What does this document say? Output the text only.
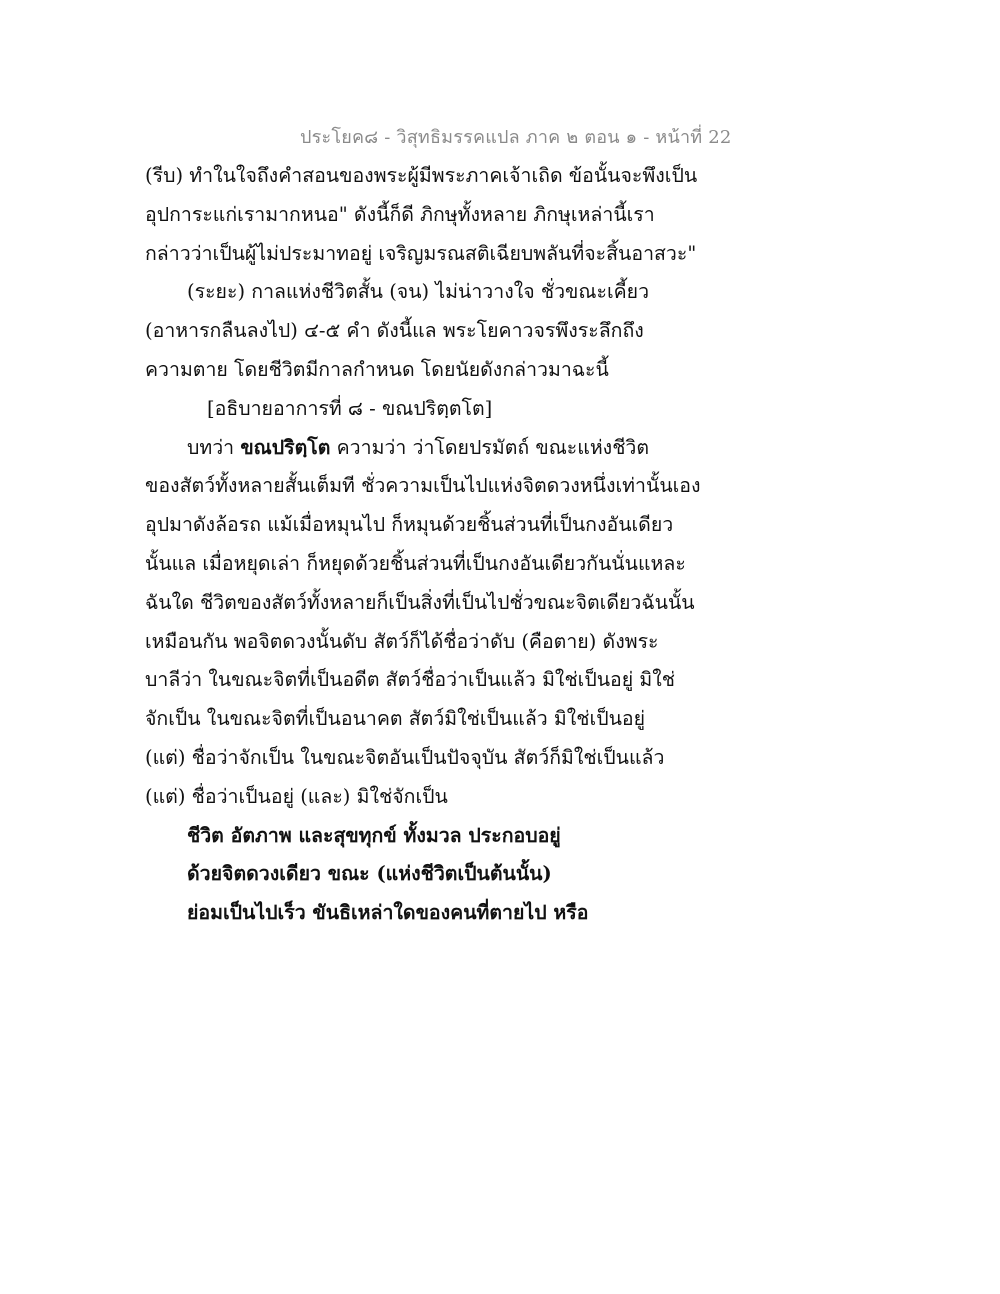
ประโยค๘ - วิสุทธิมรรคแปล ภาค ๒ ตอน ๑ - หน้าที่ 22
(รีบ) ทำในใจถึงคำสอนของพระผู้มีพระภาคเจ้าเถิด ข้อนั้นจะพึงเป็น
อุปการะแก่เรามากหนอ" ดังนี้ก็ดี ภิกษุทั้งหลาย ภิกษุเหล่านี้เรา
กล่าวว่าเป็นผู้ไม่ประมาทอยู่ เจริญมรณสติเฉียบพลันที่จะสิ้นอาสวะ"
(ระยะ) กาลแห่งชีวิตสั้น (จน) ไม่น่าวางใจ ชั่วขณะเคี้ยว
(อาหารกลืนลงไป) ๔-๕ คำ ดังนี้แล พระโยคาวจรพึงระลึกถึง
ความตาย โดยชีวิตมีกาลกำหนด โดยนัยดังกล่าวมาฉะนี้
[อธิบายอาการที่ ๘ - ขณปริตฺตโต]
บทว่า ขณปริตฺโต ความว่า ว่าโดยปรมัตถ์ ขณะแห่งชีวิต
ของสัตว์ทั้งหลายสั้นเต็มที ชั่วความเป็นไปแห่งจิตดวงหนึ่งเท่านั้นเอง
อุปมาดังล้อรถ แม้เมื่อหมุนไป ก็หมุนด้วยชิ้นส่วนที่เป็นกงอันเดียว
นั้นแล เมื่อหยุดเล่า ก็หยุดด้วยชิ้นส่วนที่เป็นกงอันเดียวกันนั่นแหละ
ฉันใด ชีวิตของสัตว์ทั้งหลายก็เป็นสิ่งที่เป็นไปชั่วขณะจิตเดียวฉันนั้น
เหมือนกัน พอจิตดวงนั้นดับ สัตว์ก็ได้ชื่อว่าดับ (คือตาย) ดังพระ
บาลีว่า ในขณะจิตที่เป็นอดีต สัตว์ชื่อว่าเป็นแล้ว มิใช่เป็นอยู่ มิใช่
จักเป็น ในขณะจิตที่เป็นอนาคต สัตว์มิใช่เป็นแล้ว มิใช่เป็นอยู่
(แต่) ชื่อว่าจักเป็น ในขณะจิตอันเป็นปัจจุบัน สัตว์ก็มิใช่เป็นแล้ว
(แต่) ชื่อว่าเป็นอยู่ (และ) มิใช่จักเป็น
ชีวิต อัตภาพ และสุขทุกข์ ทั้งมวล ประกอบอยู่
ด้วยจิตดวงเดียว ขณะ (แห่งชีวิตเป็นต้นนั้น)
ย่อมเป็นไปเร็ว ขันธิเหล่าใดของคนที่ตายไป หรือ
